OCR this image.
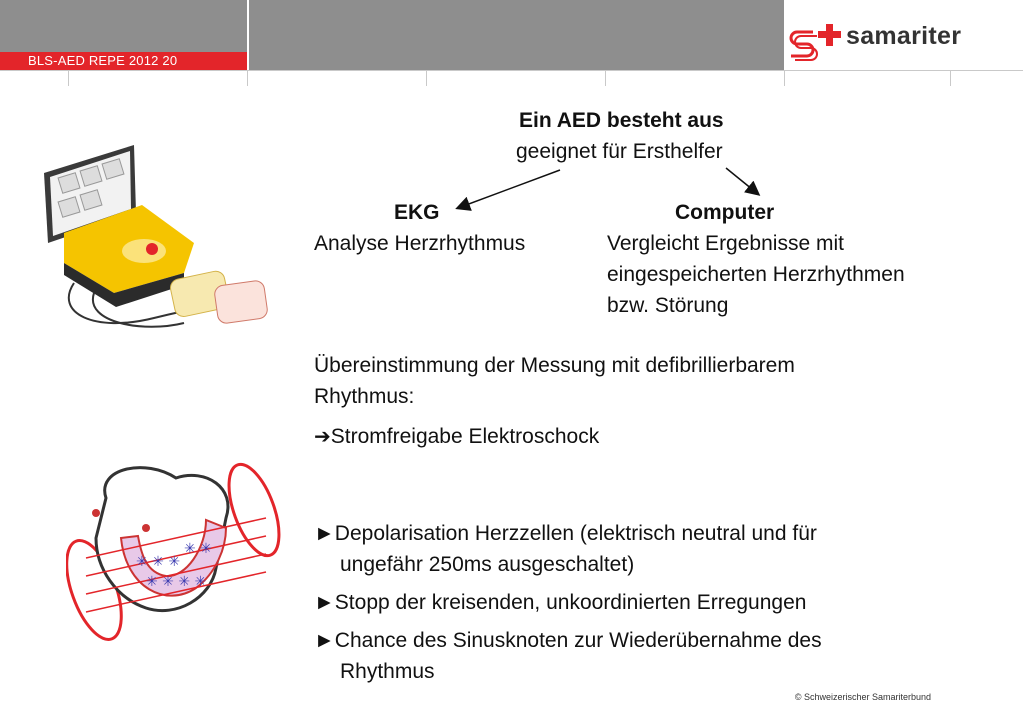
BLS-AED REPE 2012 20
samariter
✳ ✳ ✳
✳ ✳ ✳ ✳
✳ ✳
Ein AED besteht aus
geeignet für Ersthelfer
EKG
Analyse Herzrhythmus
Computer
Vergleicht Ergebnisse mit
eingespeicherten Herzrhythmen
bzw. Störung
Übereinstimmung der Messung mit defibrillierbarem
Rhythmus:
➔Stromfreigabe Elektroschock
►Depolarisation Herzzellen (elektrisch neutral und für
ungefähr 250ms ausgeschaltet)
►Stopp der kreisenden, unkoordinierten Erregungen
►Chance des Sinusknoten zur Wiederübernahme des
Rhythmus
© Schweizerischer Samariterbund
